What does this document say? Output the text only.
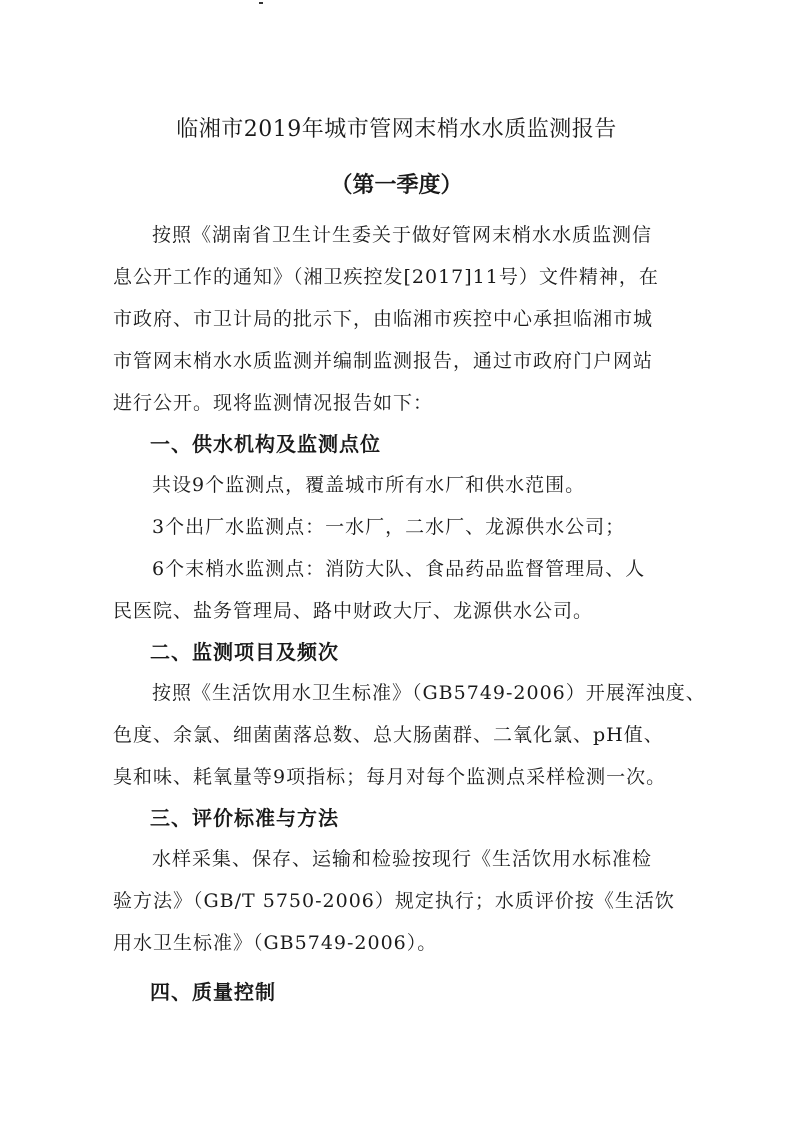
临湘市2019年城市管网末梢水水质监测报告
（第一季度）

按照《湖南省卫生计生委关于做好管网末梢水水质监测信

息公开工作的通知》（湘卫疾控发[2017]11号）文件精神，在

市政府、市卫计局的批示下，由临湘市疾控中心承担临湘市城

市管网末梢水水质监测并编制监测报告，通过市政府门户网站

进行公开。现将监测情况报告如下：

一、供水机构及监测点位

共设9个监测点，覆盖城市所有水厂和供水范围。

3个出厂水监测点：一水厂，二水厂、龙源供水公司；

6个末梢水监测点：消防大队、食品药品监督管理局、人

民医院、盐务管理局、路中财政大厅、龙源供水公司。

二、监测项目及频次

按照《生活饮用水卫生标准》（GB5749-2006）开展浑浊度、

色度、余氯、细菌菌落总数、总大肠菌群、二氧化氯、pH值、

臭和味、耗氧量等9项指标；每月对每个监测点采样检测一次。

三、评价标准与方法

水样采集、保存、运输和检验按现行《生活饮用水标准检

验方法》（GB/T 5750-2006）规定执行；水质评价按《生活饮

用水卫生标准》（GB5749-2006）。

四、质量控制
